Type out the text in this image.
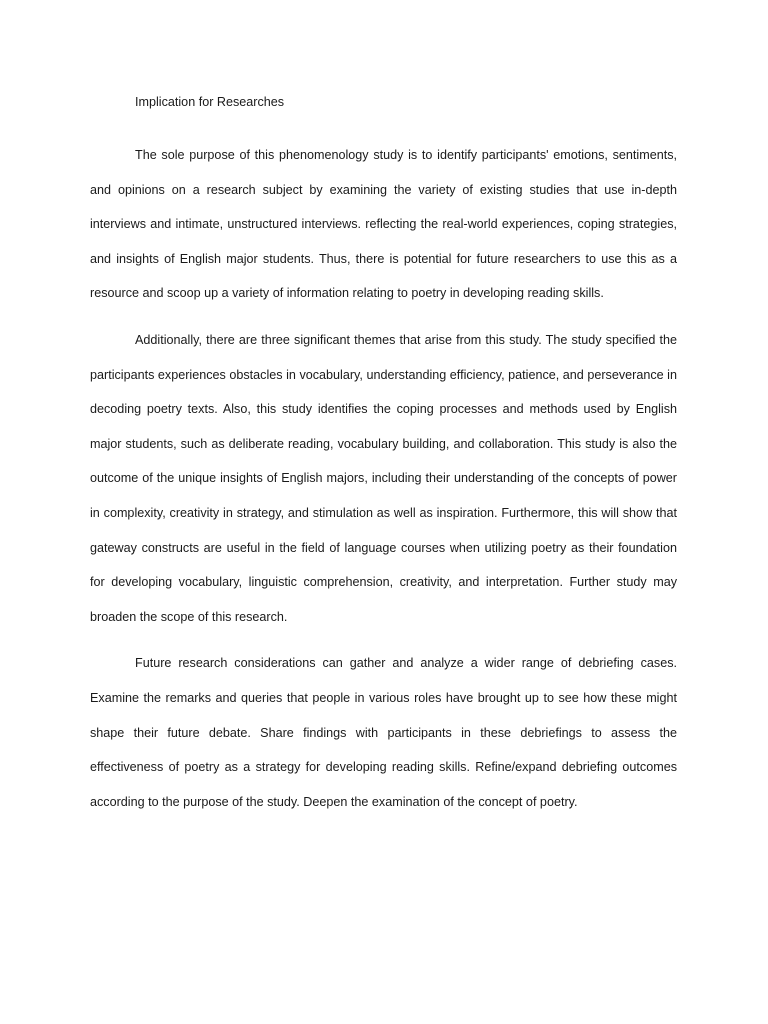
Implication for Researches

The sole purpose of this phenomenology study is to identify participants' emotions, sentiments, and opinions on a research subject by examining the variety of existing studies that use in-depth interviews and intimate, unstructured interviews. reflecting the real-world experiences, coping strategies, and insights of English major students. Thus, there is potential for future researchers to use this as a resource and scoop up a variety of information relating to poetry in developing reading skills.

Additionally, there are three significant themes that arise from this study. The study specified the participants experiences obstacles in vocabulary, understanding efficiency, patience, and perseverance in decoding poetry texts. Also, this study identifies the coping processes and methods used by English major students, such as deliberate reading, vocabulary building, and collaboration. This study is also the outcome of the unique insights of English majors, including their understanding of the concepts of power in complexity, creativity in strategy, and stimulation as well as inspiration. Furthermore, this will show that gateway constructs are useful in the field of language courses when utilizing poetry as their foundation for developing vocabulary, linguistic comprehension, creativity, and interpretation. Further study may broaden the scope of this research.

Future research considerations can gather and analyze a wider range of debriefing cases. Examine the remarks and queries that people in various roles have brought up to see how these might shape their future debate. Share findings with participants in these debriefings to assess the effectiveness of poetry as a strategy for developing reading skills. Refine/expand debriefing outcomes according to the purpose of the study. Deepen the examination of the concept of poetry.
